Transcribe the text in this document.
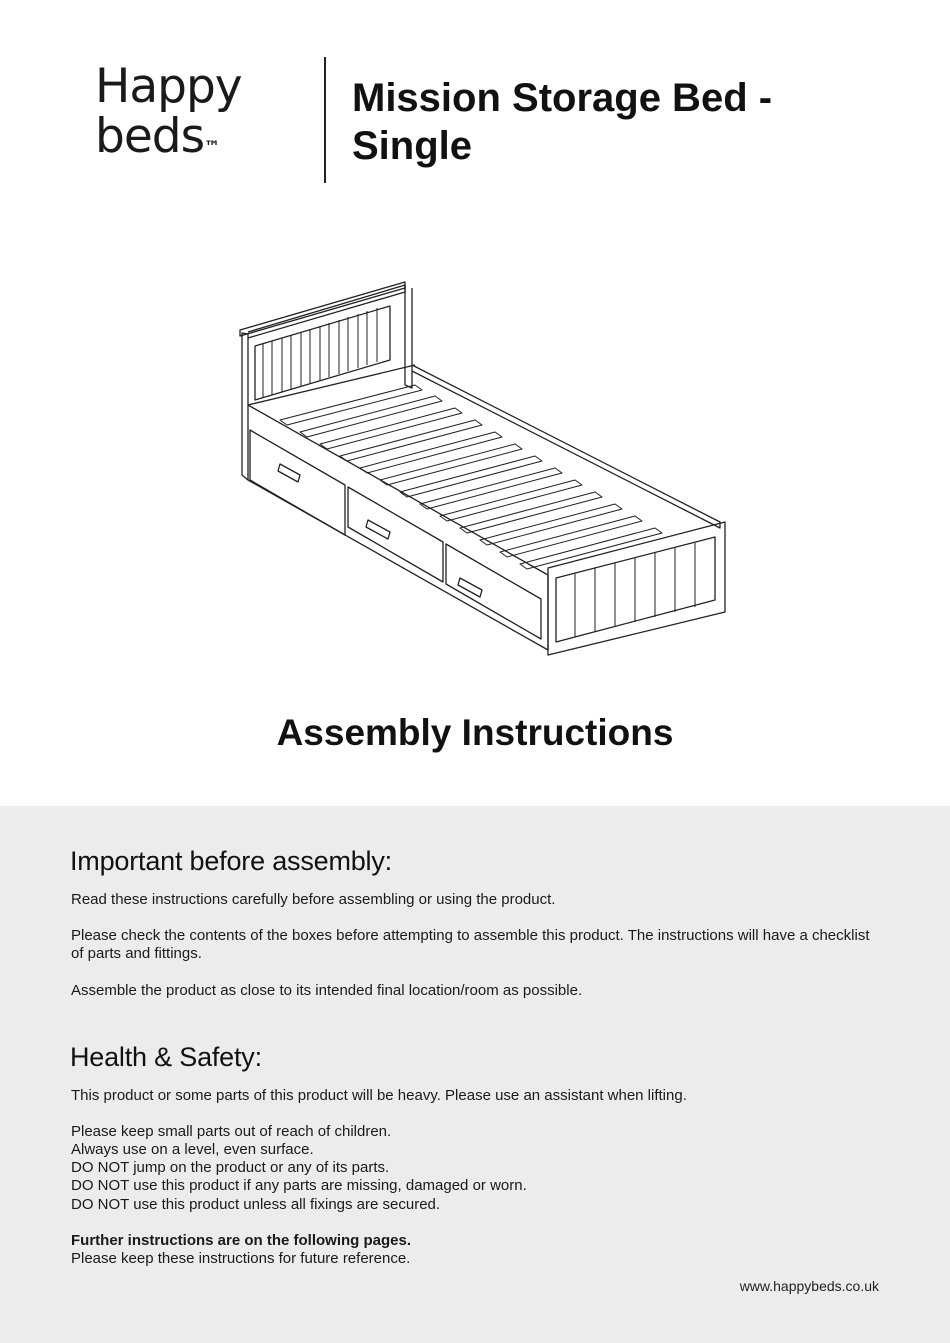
Happy
beds™
Mission Storage Bed - Single
Assembly Instructions
Important before assembly:

Read these instructions carefully before assembling or using the product.

Please check the contents of the boxes before attempting to assemble this product. The instructions will have a checklist of parts and fittings.

Assemble the product as close to its intended final location/room as possible.

Health & Safety:

This product or some parts of this product will be heavy. Please use an assistant when lifting.

Please keep small parts out of reach of children.

Always use on a level, even surface.

DO NOT jump on the product or any of its parts.

DO NOT use this product if any parts are missing, damaged or worn.

DO NOT use this product unless all fixings are secured.

Further instructions are on the following pages.

Please keep these instructions for future reference.

www.happybeds.co.uk
